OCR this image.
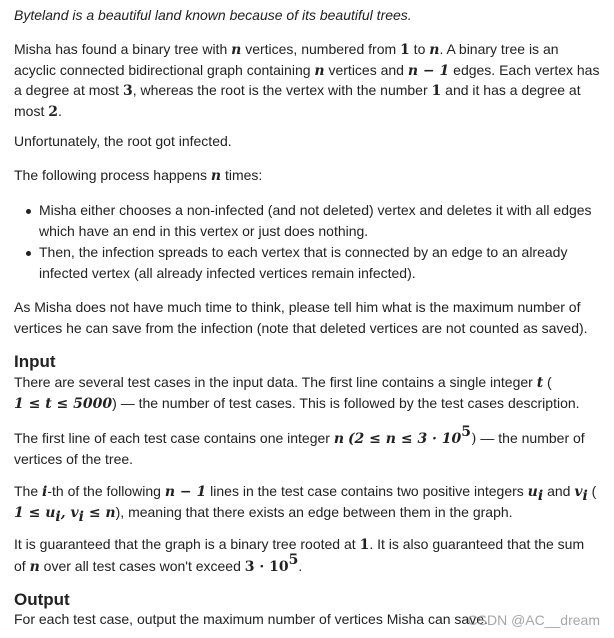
Byteland is a beautiful land known because of its beautiful trees.

Misha has found a binary tree with n vertices, numbered from 1 to n. A binary tree is an acyclic connected bidirectional graph containing n vertices and n − 1 edges. Each vertex has a degree at most 3, whereas the root is the vertex with the number 1 and it has a degree at most 2.

Unfortunately, the root got infected.

The following process happens n times:

Misha either chooses a non-infected (and not deleted) vertex and deletes it with all edges which have an end in this vertex or just does nothing.
Then, the infection spreads to each vertex that is connected by an edge to an already infected vertex (all already infected vertices remain infected).

As Misha does not have much time to think, please tell him what is the maximum number of vertices he can save from the infection (note that deleted vertices are not counted as saved).

Input

There are several test cases in the input data. The first line contains a single integer t (
1 ≤ t ≤ 5000) — the number of test cases. This is followed by the test cases description.

The first line of each test case contains one integer n $(2 \le n \le 3 \cdot 10^5)$ — the number of vertices of the tree.

The i-th of the following n − 1 lines in the test case contains two positive integers $u_i$ and $v_i$ (
$1 \le u_i$, $v_i \le n$), meaning that there exists an edge between them in the graph.

It is guaranteed that the graph is a binary tree rooted at 1. It is also guaranteed that the sum
of n over all test cases won't exceed $3 \cdot 10^5$.

Output

For each test case, output the maximum number of vertices Misha can save.

CSDN @AC__dream
